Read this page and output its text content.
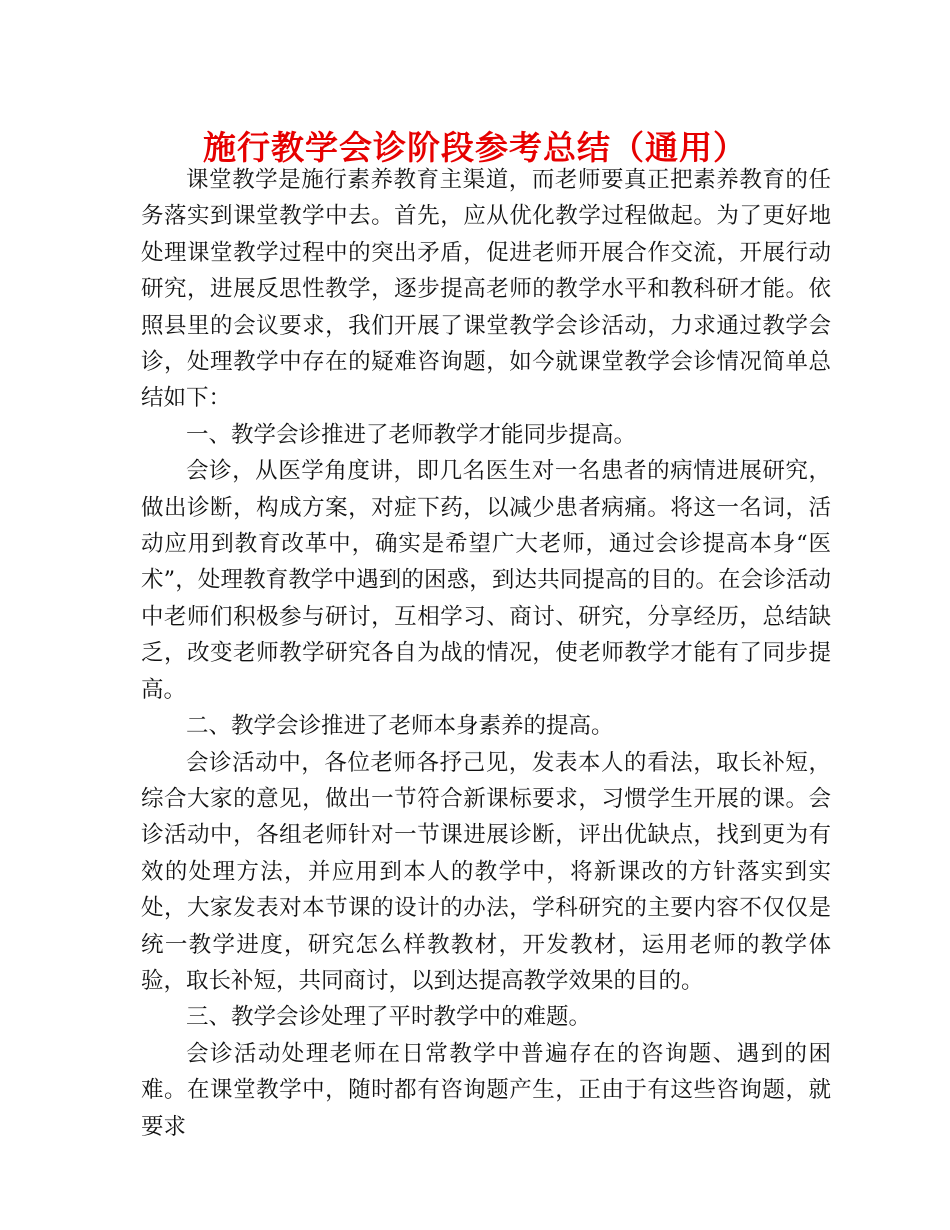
施行教学会诊阶段参考总结（通用）

课堂教学是施行素养教育主渠道，而老师要真正把素养教育的任务落实到课堂教学中去。首先，应从优化教学过程做起。为了更好地处理课堂教学过程中的突出矛盾，促进老师开展合作交流，开展行动研究，进展反思性教学，逐步提高老师的教学水平和教科研才能。依照县里的会议要求，我们开展了课堂教学会诊活动，力求通过教学会诊，处理教学中存在的疑难咨询题，如今就课堂教学会诊情况简单总结如下：

一、教学会诊推进了老师教学才能同步提高。

会诊，从医学角度讲，即几名医生对一名患者的病情进展研究，做出诊断，构成方案，对症下药，以减少患者病痛。将这一名词，活动应用到教育改革中，确实是希望广大老师，通过会诊提高本身“医术”，处理教育教学中遇到的困惑，到达共同提高的目的。在会诊活动中老师们积极参与研讨，互相学习、商讨、研究，分享经历，总结缺乏，改变老师教学研究各自为战的情况，使老师教学才能有了同步提高。

二、教学会诊推进了老师本身素养的提高。

会诊活动中，各位老师各抒己见，发表本人的看法，取长补短，综合大家的意见，做出一节符合新课标要求，习惯学生开展的课。会诊活动中，各组老师针对一节课进展诊断，评出优缺点，找到更为有效的处理方法，并应用到本人的教学中，将新课改的方针落实到实处，大家发表对本节课的设计的办法，学科研究的主要内容不仅仅是统一教学进度，研究怎么样教教材，开发教材，运用老师的教学体验，取长补短，共同商讨，以到达提高教学效果的目的。

三、教学会诊处理了平时教学中的难题。

会诊活动处理老师在日常教学中普遍存在的咨询题、遇到的困难。在课堂教学中，随时都有咨询题产生，正由于有这些咨询题，就要求
